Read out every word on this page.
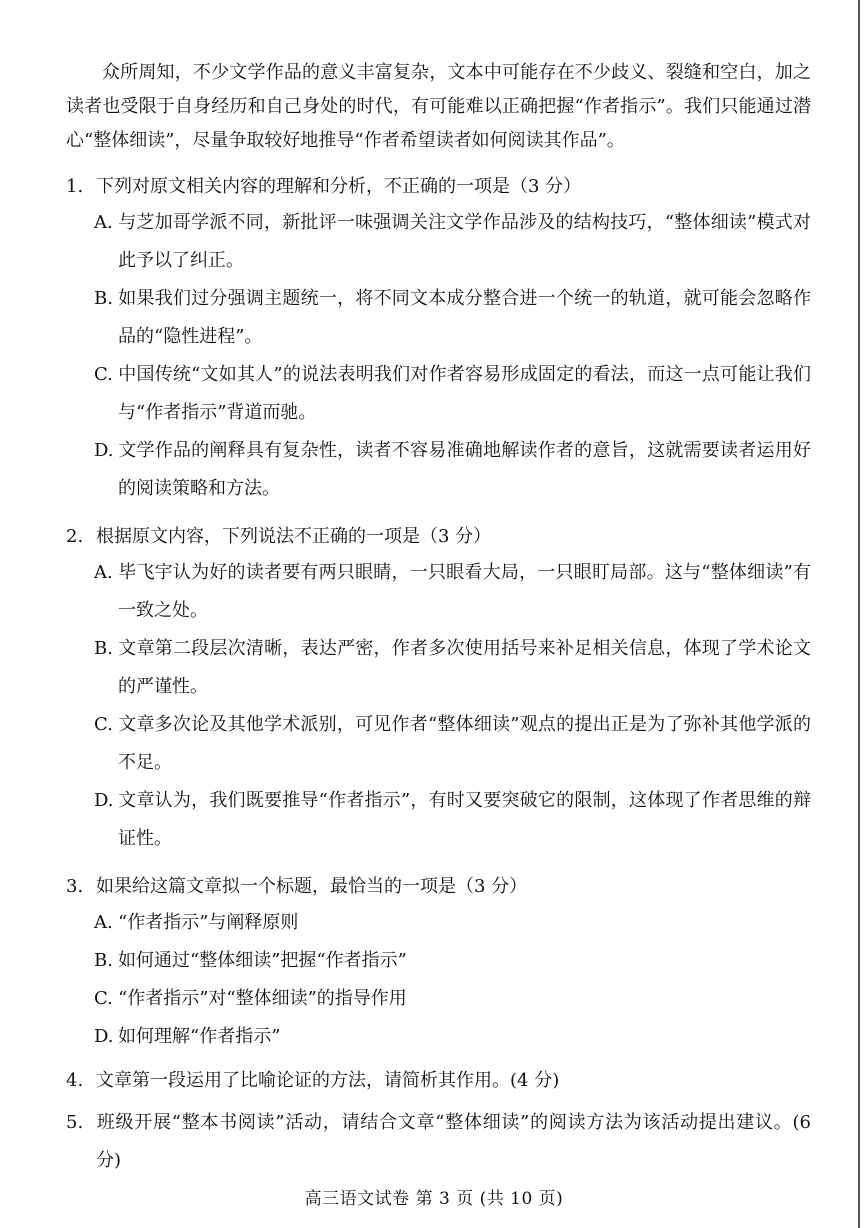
众所周知，不少文学作品的意义丰富复杂，文本中可能存在不少歧义、裂缝和空白，加之读者也受限于自身经历和自己身处的时代，有可能难以正确把握“作者指示”。我们只能通过潜心“整体细读”，尽量争取较好地推导“作者希望读者如何阅读其作品”。

1. 下列对原文相关内容的理解和分析，不正确的一项是（3 分）
A. 与芝加哥学派不同，新批评一味强调关注文学作品涉及的结构技巧，“整体细读”模式对此予以了纠正。
B. 如果我们过分强调主题统一，将不同文本成分整合进一个统一的轨道，就可能会忽略作品的“隐性进程”。
C. 中国传统“文如其人”的说法表明我们对作者容易形成固定的看法，而这一点可能让我们与“作者指示”背道而驰。
D. 文学作品的阐释具有复杂性，读者不容易准确地解读作者的意旨，这就需要读者运用好的阅读策略和方法。
2. 根据原文内容，下列说法不正确的一项是（3 分）
A. 毕飞宇认为好的读者要有两只眼睛，一只眼看大局，一只眼盯局部。这与“整体细读”有一致之处。
B. 文章第二段层次清晰，表达严密，作者多次使用括号来补足相关信息，体现了学术论文的严谨性。
C. 文章多次论及其他学术派别，可见作者“整体细读”观点的提出正是为了弥补其他学派的不足。
D. 文章认为，我们既要推导“作者指示”，有时又要突破它的限制，这体现了作者思维的辩证性。
3. 如果给这篇文章拟一个标题，最恰当的一项是（3 分）
A. “作者指示”与阐释原则
B. 如何通过“整体细读”把握“作者指示”
C. “作者指示”对“整体细读”的指导作用
D. 如何理解“作者指示”
4. 文章第一段运用了比喻论证的方法，请简析其作用。(4 分)
5. 班级开展“整本书阅读”活动，请结合文章“整体细读”的阅读方法为该活动提出建议。(6 分)
高三语文试卷 第 3 页 (共 10 页)
